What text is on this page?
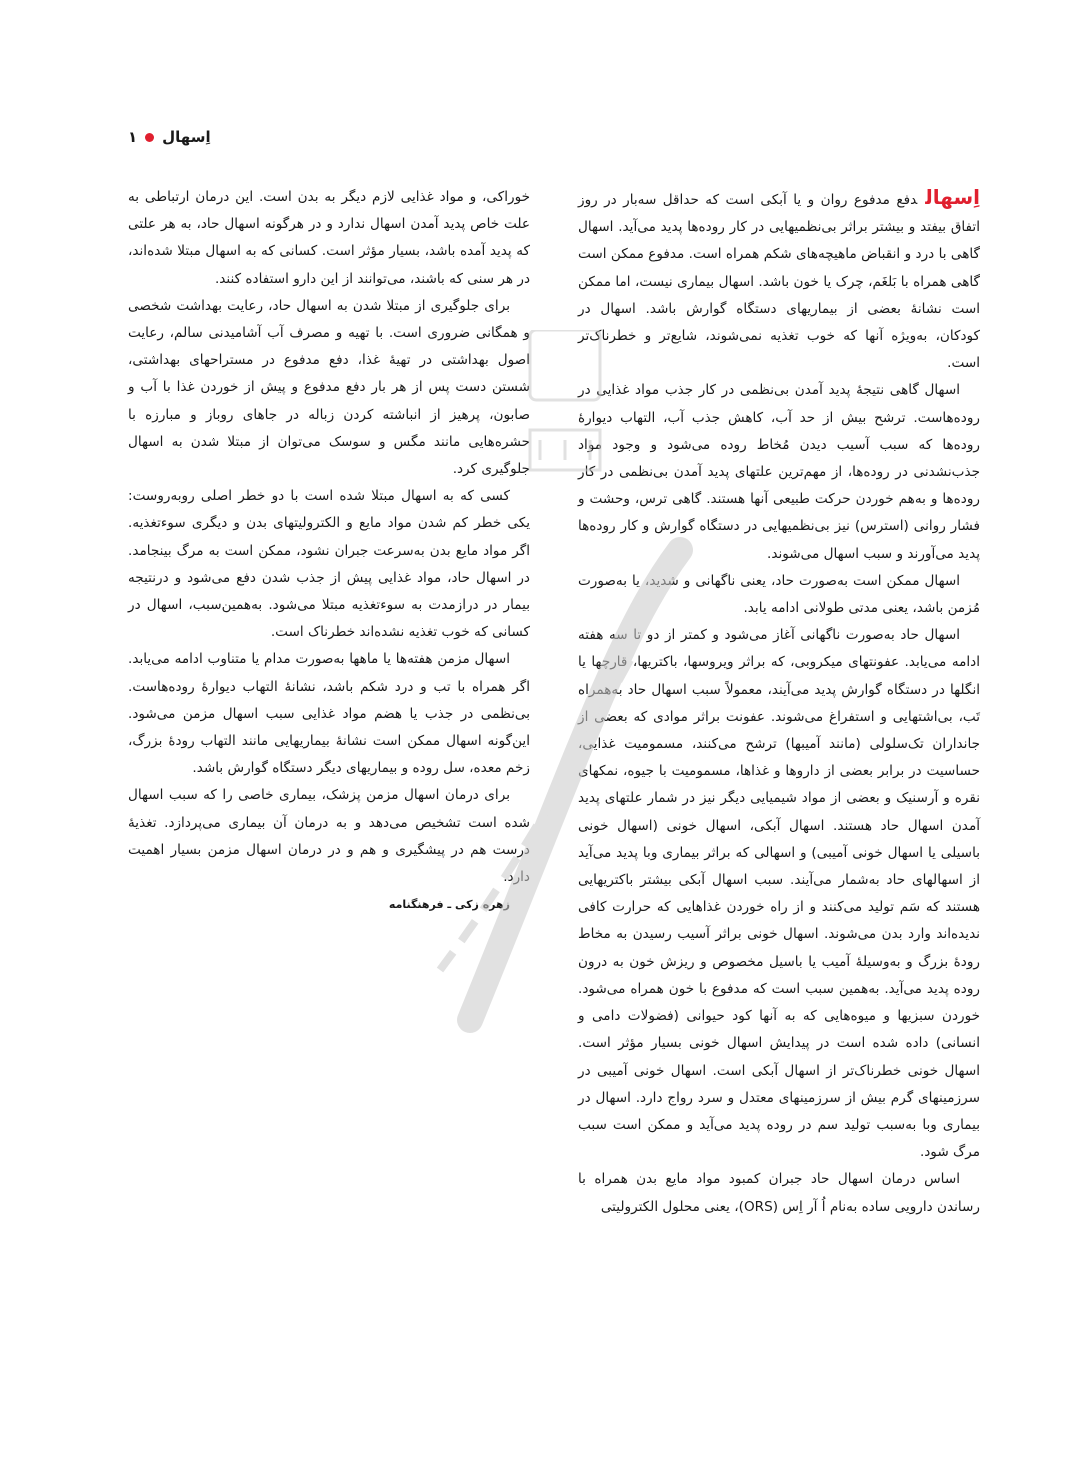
اِسهال
۱

اِسهالدفع مدفوع روان و یا آبکی است که حداقل سه‌بار در روز اتفاق بیفتد و بیشتر براثر بی‌نظمیهایی در کار روده‌ها پدید می‌آید. اسهال گاهی با درد و انقباض ماهیچه‌های شکم همراه است. مدفوع ممکن است گاهی همراه با بَلغَم، چرک یا خون باشد. اسهال بیماری نیست، اما ممکن است نشانهٔ بعضی از بیماریهای دستگاه گوارش باشد. اسهال در کودکان، به‌ویژه آنها که خوب تغذیه نمی‌شوند، شایع‌تر و خطرناک‌تر است.

اسهال گاهی نتیجهٔ پدید آمدن بی‌نظمی در کار جذب مواد غذایی در روده‌هاست. ترشح بیش از حد آب، کاهش جذب آب، التهاب دیوارهٔ روده‌ها که سبب آسیب دیدن مُخاط روده می‌شود و وجود مواد جذب‌نشدنی در روده‌ها، از مهم‌ترین علتهای پدید آمدن بی‌نظمی در کار روده‌ها و به‌هم خوردن حرکت طبیعی آنها هستند. گاهی ترس، وحشت و فشار روانی (استرس) نیز بی‌نظمیهایی در دستگاه گوارش و کار روده‌ها پدید می‌آورند و سبب اسهال می‌شوند.

اسهال ممکن است به‌صورت حاد، یعنی ناگهانی و شدید، یا به‌صورت مُزمن باشد، یعنی مدتی طولانی ادامه یابد.

اسهال حاد به‌صورت ناگهانی آغاز می‌شود و کمتر از دو تا سه هفته ادامه می‌یابد. عفونتهای میکروبی، که براثر ویروسها، باکتریها، قارچها یا انگلها در دستگاه گوارش پدید می‌آیند، معمولاً سبب اسهال حاد به‌همراه تَب، بی‌اشتهایی و استفراغ می‌شوند. عفونت براثر موادی که بعضی از جانداران تک‌سلولی (مانند آمیبها) ترشح می‌کنند، مسمومیت غذایی، حساسیت در برابر بعضی از داروها و غذاها، مسمومیت با جیوه، نمکهای نقره و آرسنیک و بعضی از مواد شیمیایی دیگر نیز در شمار علتهای پدید آمدن اسهال حاد هستند. اسهال آبکی، اسهال خونی (اسهال خونی باسیلی یا اسهال خونی آمیبی) و اسهالی که براثر بیماری وبا پدید می‌آید از اسهالهای حاد به‌شمار می‌آیند. سبب اسهال آبکی بیشتر باکتریهایی هستند که سَم تولید می‌کنند و از راه خوردن غذاهایی که حرارت کافی ندیده‌اند وارد بدن می‌شوند. اسهال خونی براثر آسیب رسیدن به مخاط رودهٔ بزرگ و به‌وسیلهٔ آمیب یا باسیل مخصوص و ریزش خون به درون روده پدید می‌آید. به‌همین سبب است که مدفوع با خون همراه می‌شود. خوردن سبزیها و میوه‌هایی که به آنها کود حیوانی (فضولات دامی و انسانی) داده شده است در پیدایش اسهال خونی بسیار مؤثر است. اسهال خونی خطرناک‌تر از اسهال آبکی است. اسهال خونی آمیبی در سرزمینهای گرم بیش از سرزمینهای معتدل و سرد رواج دارد. اسهال در بیماری وبا به‌سبب تولید سم در روده پدید می‌آید و ممکن است سبب مرگ شود.

اساس درمان اسهال حاد جبران کمبود مواد مایع بدن همراه با رساندن دارویی ساده به‌نام اُ آر اِس (ORS)، یعنی محلول الکترولیتی

خوراکی، و مواد غذایی لازم دیگر به بدن است. این درمان ارتباطی به علت خاص پدید آمدن اسهال ندارد و در هرگونه اسهال حاد، به هر علتی که پدید آمده باشد، بسیار مؤثر است. کسانی که به اسهال مبتلا شده‌اند، در هر سنی که باشند، می‌توانند از این دارو استفاده کنند.

برای جلوگیری از مبتلا شدن به اسهال حاد، رعایت بهداشت شخصی و همگانی ضروری است. با تهیه و مصرف آب آشامیدنی سالم، رعایت اصول بهداشتی در تهیهٔ غذا، دفع مدفوع در مستراحهای بهداشتی، شستن دست پس از هر بار دفع مدفوع و پیش از خوردن غذا با آب و صابون، پرهیز از انباشته کردن زباله در جاهای روباز و مبارزه با حشره‌هایی مانند مگس و سوسک می‌توان از مبتلا شدن به اسهال جلوگیری کرد.

کسی که به اسهال مبتلا شده است با دو خطر اصلی روبه‌روست: یکی خطر کم شدن مواد مایع و الکترولیتهای بدن و دیگری سوءتغذیه. اگر مواد مایع بدن به‌سرعت جبران نشود، ممکن است به مرگ بینجامد. در اسهال حاد، مواد غذایی پیش از جذب شدن دفع می‌شود و درنتیجه بیمار در درازمدت به سوءتغذیه مبتلا می‌شود. به‌همین‌سبب، اسهال در کسانی که خوب تغذیه نشده‌اند خطرناک است.

اسهال مزمن هفته‌ها یا ماهها به‌صورت مدام یا متناوب ادامه می‌یابد. اگر همراه با تب و درد شکم باشد، نشانهٔ التهاب دیوارهٔ روده‌هاست. بی‌نظمی در جذب یا هضم مواد غذایی سبب اسهال مزمن می‌شود. این‌گونه اسهال ممکن است نشانهٔ بیماریهایی مانند التهاب رودهٔ بزرگ، زخم معده، سل روده و بیماریهای دیگر دستگاه گوارش باشد.

برای درمان اسهال مزمن پزشک، بیماری خاصی را که سبب اسهال شده است تشخیص می‌دهد و به درمان آن بیماری می‌پردازد. تغذیهٔ درست هم در پیشگیری و هم و در درمان اسهال مزمن بسیار اهمیت دارد.

زهره زکی ـ فرهنگنامه
